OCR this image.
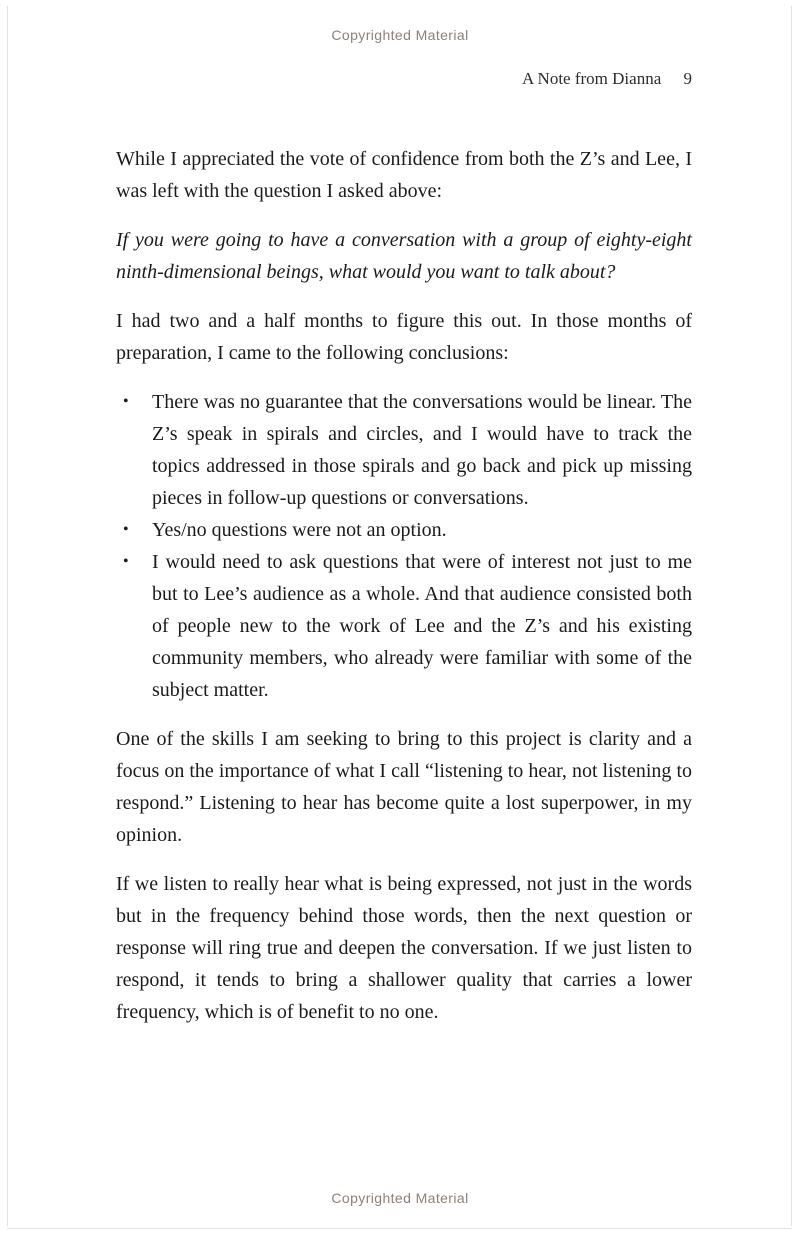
Copyrighted Material
A Note from Dianna 9

While I appreciated the vote of confidence from both the Z’s and Lee, I was left with the question I asked above:

If you were going to have a conversation with a group of eighty-eight ninth-dimensional beings, what would you want to talk about?

I had two and a half months to figure this out. In those months of preparation, I came to the following conclusions:

• There was no guarantee that the conversations would be linear. The Z’s speak in spirals and circles, and I would have to track the topics addressed in those spirals and go back and pick up missing pieces in follow-up questions or conversations.
• Yes/no questions were not an option.
• I would need to ask questions that were of interest not just to me but to Lee’s audience as a whole. And that audience consisted both of people new to the work of Lee and the Z’s and his existing community members, who already were familiar with some of the subject matter.

One of the skills I am seeking to bring to this project is clarity and a focus on the importance of what I call “listening to hear, not listening to respond.” Listening to hear has become quite a lost superpower, in my opinion.

If we listen to really hear what is being expressed, not just in the words but in the frequency behind those words, then the next question or response will ring true and deepen the conversation. If we just listen to respond, it tends to bring a shallower quality that carries a lower frequency, which is of benefit to no one.

Copyrighted Material
